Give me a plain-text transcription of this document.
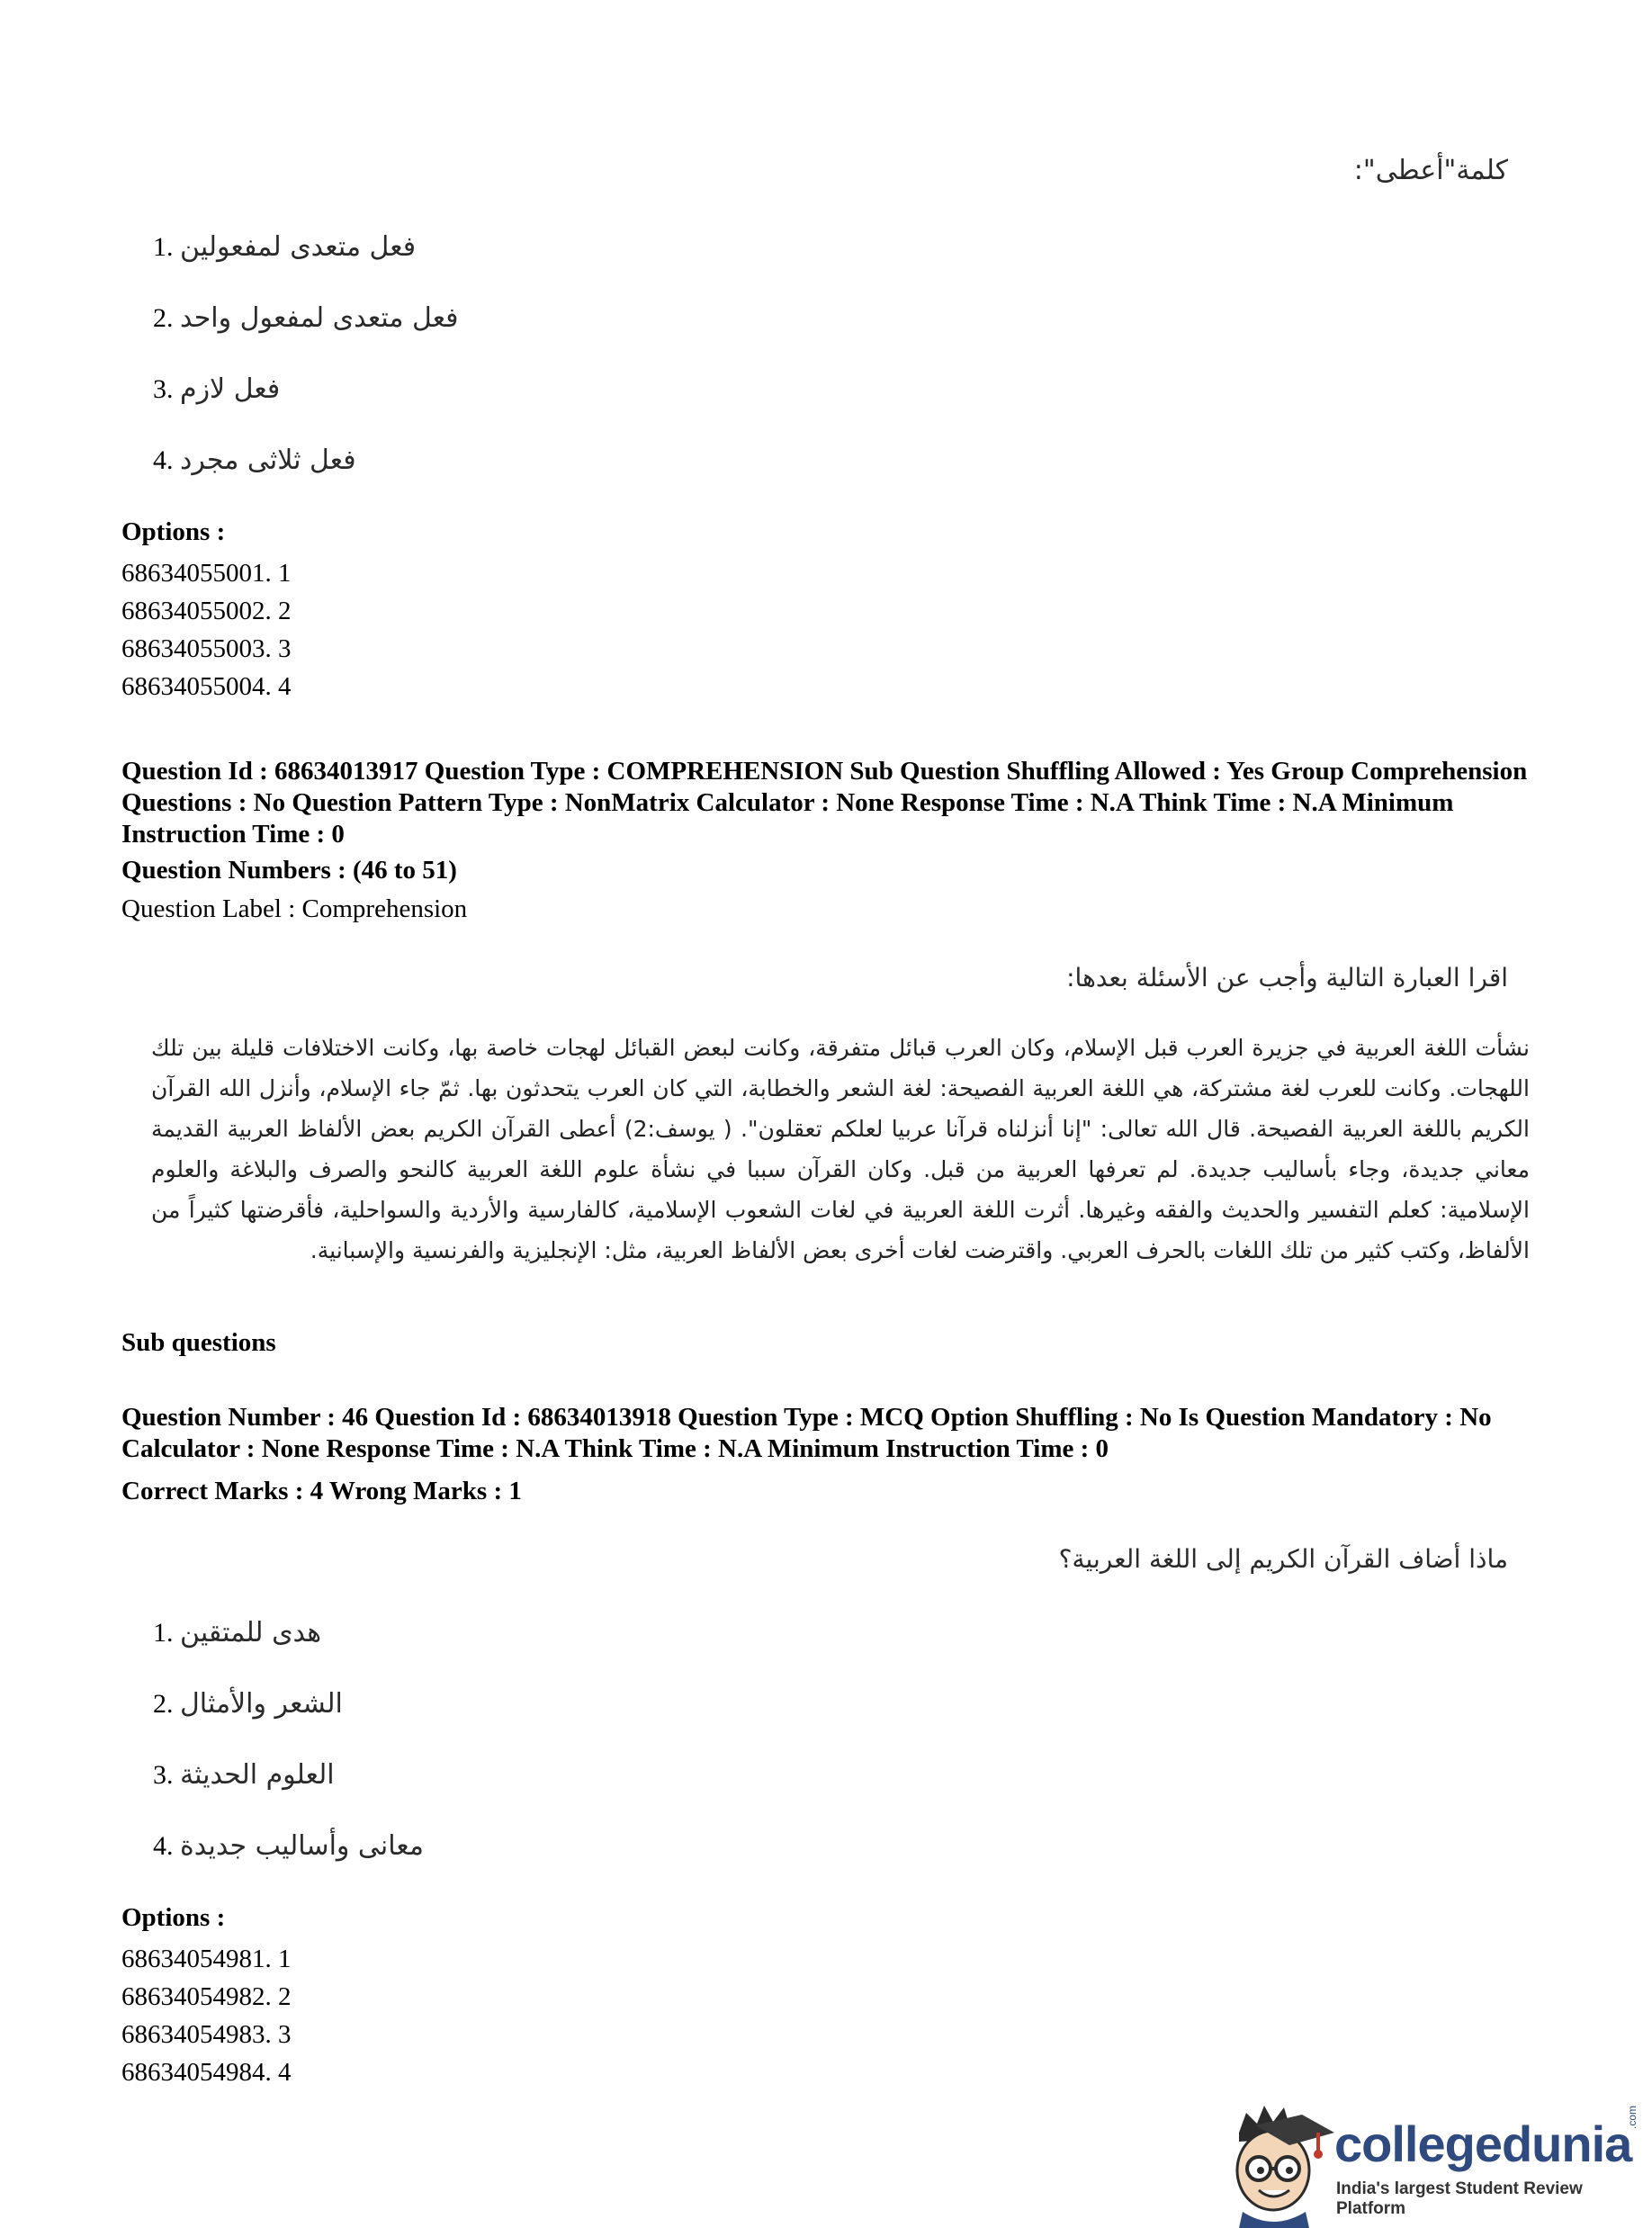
كلمة"أعطى":
1. فعل متعدى لمفعولين
2. فعل متعدى لمفعول واحد
3. فعل لازم
4. فعل ثلاثى مجرد
Options :
68634055001. 1
68634055002. 2
68634055003. 3
68634055004. 4
Question Id : 68634013917 Question Type : COMPREHENSION Sub Question Shuffling Allowed : Yes Group Comprehension Questions : No Question Pattern Type : NonMatrix Calculator : None Response Time : N.A Think Time : N.A Minimum Instruction Time : 0
Question Numbers : (46 to 51)
Question Label : Comprehension
اقرا العبارة التالية وأجب عن الأسئلة بعدها:

نشأت اللغة العربية في جزيرة العرب قبل الإسلام، وكان العرب قبائل متفرقة، وكانت لبعض القبائل لهجات خاصة بها، وكانت الاختلافات قليلة بين تلك اللهجات. وكانت للعرب لغة مشتركة، هي اللغة العربية الفصيحة: لغة الشعر والخطابة، التي كان العرب يتحدثون بها. ثمّ جاء الإسلام، وأنزل الله القرآن الكريم باللغة العربية الفصيحة. قال الله تعالى: "إنا أنزلناه قرآنا عربيا لعلكم تعقلون". ( يوسف:2) أعطى القرآن الكريم بعض الألفاظ العربية القديمة معاني جديدة، وجاء بأساليب جديدة. لم تعرفها العربية من قبل. وكان القرآن سببا في نشأة علوم اللغة العربية كالنحو والصرف والبلاغة والعلوم الإسلامية: كعلم التفسير والحديث والفقه وغيرها. أثرت اللغة العربية في لغات الشعوب الإسلامية، كالفارسية والأردية والسواحلية، فأقرضتها كثيراً من الألفاظ، وكتب كثير من تلك اللغات بالحرف العربي. واقترضت لغات أخرى بعض الألفاظ العربية، مثل: الإنجليزية والفرنسية والإسبانية.

Sub questions
Question Number : 46 Question Id : 68634013918 Question Type : MCQ Option Shuffling : No Is Question Mandatory : No Calculator : None Response Time : N.A Think Time : N.A Minimum Instruction Time : 0
Correct Marks : 4 Wrong Marks : 1
ماذا أضاف القرآن الكريم إلى اللغة العربية؟
1. هدى للمتقين
2. الشعر والأمثال
3. العلوم الحديثة
4. معانى وأساليب جديدة
Options :
68634054981. 1
68634054982. 2
68634054983. 3
68634054984. 4
collegedunia
.com
India's largest Student Review Platform
